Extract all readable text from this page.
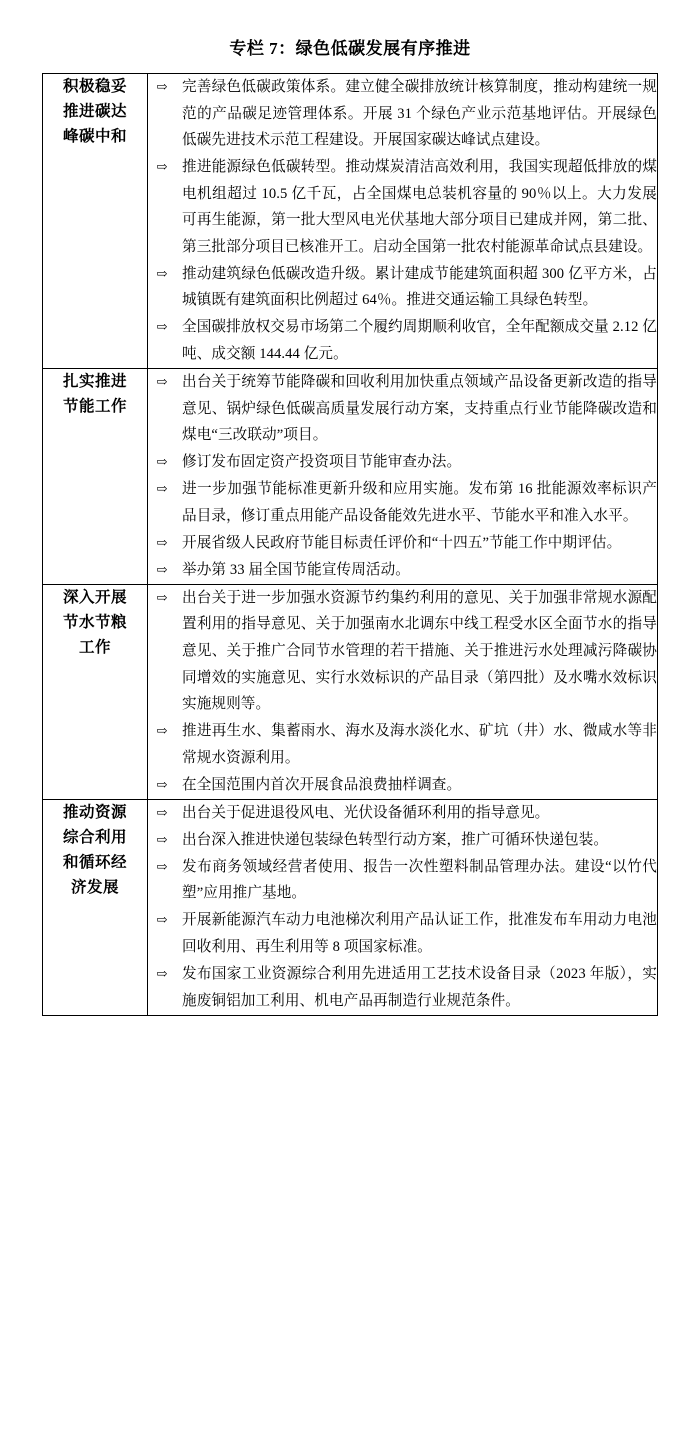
专栏 7：绿色低碳发展有序推进
积极稳妥
推进碳达
峰碳中和

⇨ 完善绿色低碳政策体系。建立健全碳排放统计核算制度，推动构建统一规范的产品碳足迹管理体系。开展 31 个绿色产业示范基地评估。开展绿色低碳先进技术示范工程建设。开展国家碳达峰试点建设。
⇨ 推进能源绿色低碳转型。推动煤炭清洁高效利用，我国实现超低排放的煤电机组超过 10.5 亿千瓦，占全国煤电总装机容量的 90％以上。大力发展可再生能源，第一批大型风电光伏基地大部分项目已建成并网，第二批、第三批部分项目已核准开工。启动全国第一批农村能源革命试点县建设。
⇨ 推动建筑绿色低碳改造升级。累计建成节能建筑面积超 300 亿平方米，占城镇既有建筑面积比例超过 64％。推进交通运输工具绿色转型。
⇨ 全国碳排放权交易市场第二个履约周期顺利收官，全年配额成交量 2.12 亿吨、成交额 144.44 亿元。

扎实推进
节能工作

⇨ 出台关于统筹节能降碳和回收利用加快重点领域产品设备更新改造的指导意见、锅炉绿色低碳高质量发展行动方案，支持重点行业节能降碳改造和煤电“三改联动”项目。
⇨ 修订发布固定资产投资项目节能审查办法。
⇨ 进一步加强节能标准更新升级和应用实施。发布第 16 批能源效率标识产品目录，修订重点用能产品设备能效先进水平、节能水平和准入水平。
⇨ 开展省级人民政府节能目标责任评价和“十四五”节能工作中期评估。
⇨ 举办第 33 届全国节能宣传周活动。

深入开展
节水节粮
工作

⇨ 出台关于进一步加强水资源节约集约利用的意见、关于加强非常规水源配置利用的指导意见、关于加强南水北调东中线工程受水区全面节水的指导意见、关于推广合同节水管理的若干措施、关于推进污水处理减污降碳协同增效的实施意见、实行水效标识的产品目录（第四批）及水嘴水效标识实施规则等。
⇨ 推进再生水、集蓄雨水、海水及海水淡化水、矿坑（井）水、微咸水等非常规水资源利用。
⇨ 在全国范围内首次开展食品浪费抽样调查。

推动资源
综合利用
和循环经
济发展

⇨ 出台关于促进退役风电、光伏设备循环利用的指导意见。
⇨ 出台深入推进快递包装绿色转型行动方案，推广可循环快递包装。
⇨ 发布商务领域经营者使用、报告一次性塑料制品管理办法。建设“以竹代塑”应用推广基地。
⇨ 开展新能源汽车动力电池梯次利用产品认证工作，批准发布车用动力电池回收利用、再生利用等 8 项国家标准。
⇨ 发布国家工业资源综合利用先进适用工艺技术设备目录（2023 年版），实施废铜铝加工利用、机电产品再制造行业规范条件。
